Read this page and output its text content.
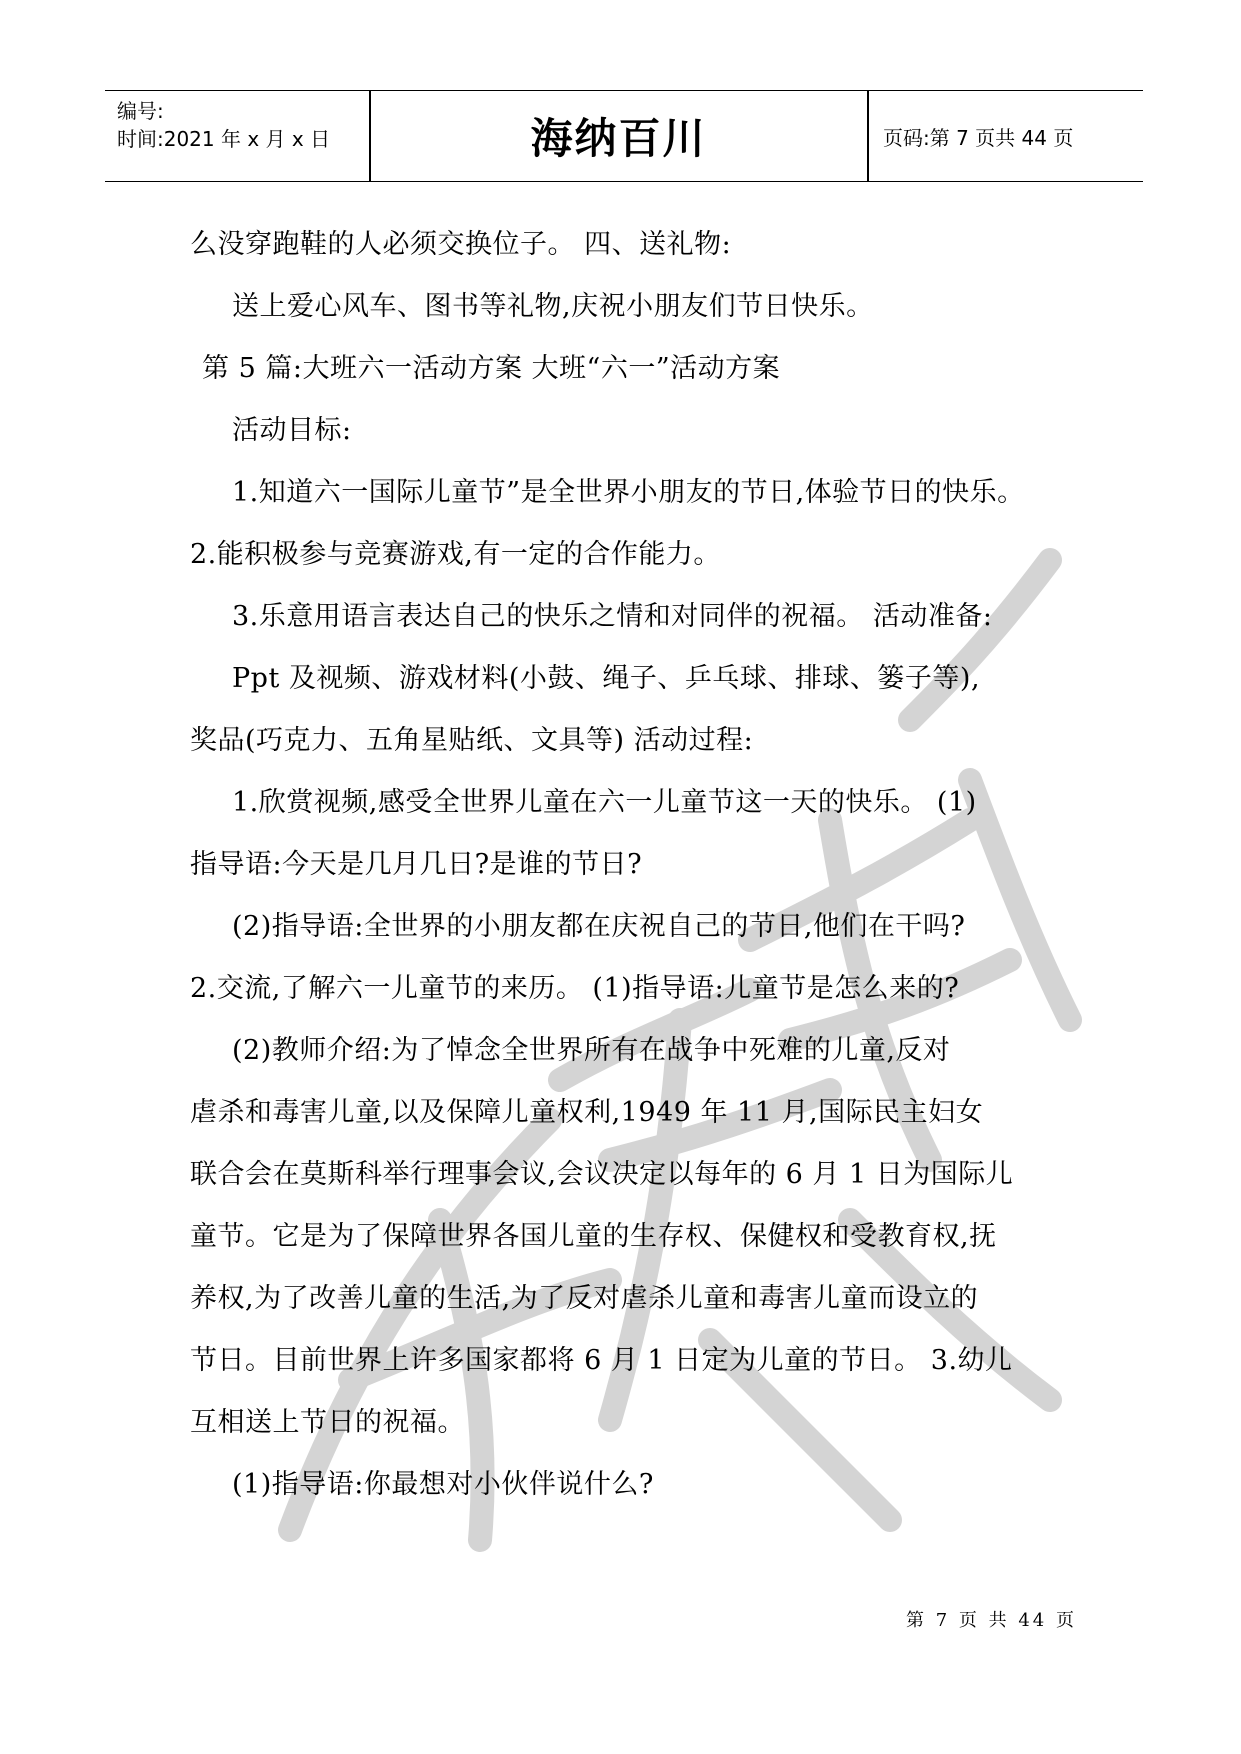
编号:
时间:2021 年 x 月 x 日	海纳百川	页码:第 7 页共 44 页
么没穿跑鞋的人必须交换位子。 四、送礼物:
送上爱心风车、图书等礼物,庆祝小朋友们节日快乐。
第 5 篇:大班六一活动方案 大班“六一”活动方案
活动目标:
1.知道六一国际儿童节”是全世界小朋友的节日,体验节日的快乐。
2.能积极参与竞赛游戏,有一定的合作能力。
3.乐意用语言表达自己的快乐之情和对同伴的祝福。 活动准备:
Ppt 及视频、游戏材料(小鼓、绳子、乒乓球、排球、篓子等),
奖品(巧克力、五角星贴纸、文具等) 活动过程:
1.欣赏视频,感受全世界儿童在六一儿童节这一天的快乐。 (1)
指导语:今天是几月几日?是谁的节日?
(2)指导语:全世界的小朋友都在庆祝自己的节日,他们在干吗?
2.交流,了解六一儿童节的来历。 (1)指导语:儿童节是怎么来的?
(2)教师介绍:为了悼念全世界所有在战争中死难的儿童,反对
虐杀和毒害儿童,以及保障儿童权利,1949 年 11 月,国际民主妇女
联合会在莫斯科举行理事会议,会议决定以每年的 6 月 1 日为国际儿
童节。它是为了保障世界各国儿童的生存权、保健权和受教育权,抚
养权,为了改善儿童的生活,为了反对虐杀儿童和毒害儿童而设立的
节日。目前世界上许多国家都将 6 月 1 日定为儿童的节日。 3.幼儿
互相送上节日的祝福。
(1)指导语:你最想对小伙伴说什么?
第 7 页 共 44 页
